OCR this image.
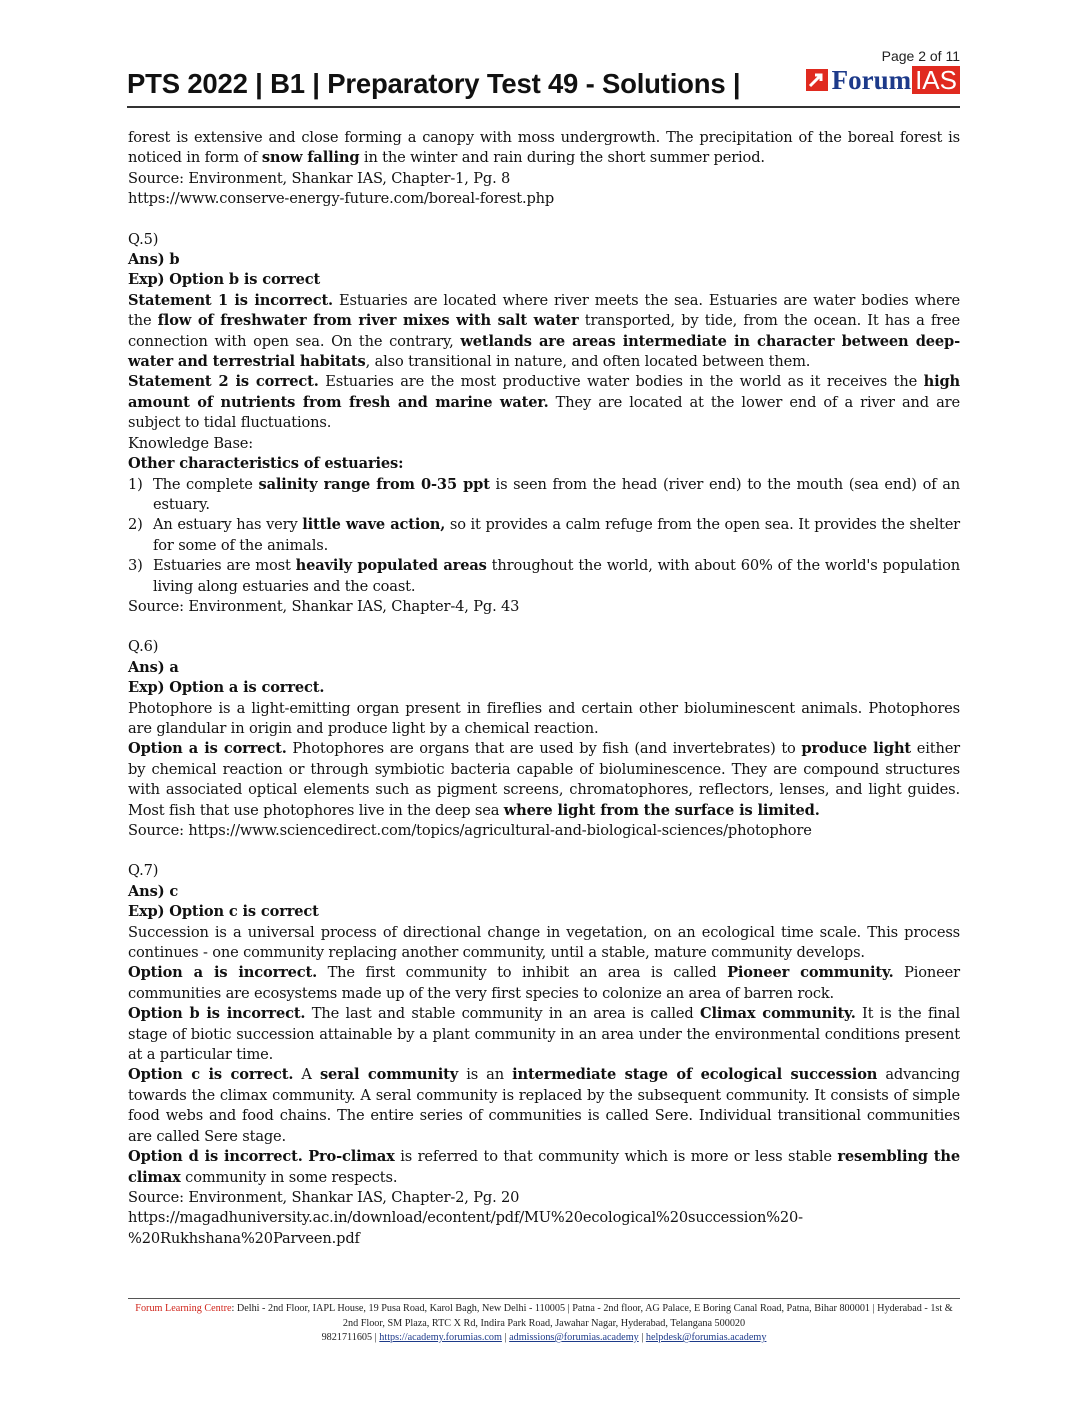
Page 2 of 11
PTS 2022 | B1 | Preparatory Test 49 - Solutions |	Forum IAS

forest is extensive and close forming a canopy with moss undergrowth. The precipitation of the boreal forest is noticed in form of snow falling in the winter and rain during the short summer period.

Source: Environment, Shankar IAS, Chapter-1, Pg. 8

https://www.conserve-energy-future.com/boreal-forest.php

Q.5)

Ans) b

Exp) Option b is correct

Statement 1 is incorrect. Estuaries are located where river meets the sea. Estuaries are water bodies where the flow of freshwater from river mixes with salt water transported, by tide, from the ocean. It has a free connection with open sea. On the contrary, wetlands are areas intermediate in character between deep-water and terrestrial habitats, also transitional in nature, and often located between them.

Statement 2 is correct. Estuaries are the most productive water bodies in the world as it receives the high amount of nutrients from fresh and marine water. They are located at the lower end of a river and are subject to tidal fluctuations.

Knowledge Base:

Other characteristics of estuaries:

1) The complete salinity range from 0-35 ppt is seen from the head (river end) to the mouth (sea end) of an estuary.
2) An estuary has very little wave action, so it provides a calm refuge from the open sea. It provides the shelter for some of the animals.
3) Estuaries are most heavily populated areas throughout the world, with about 60% of the world's population living along estuaries and the coast.

Source: Environment, Shankar IAS, Chapter-4, Pg. 43

Q.6)

Ans) a

Exp) Option a is correct.

Photophore is a light-emitting organ present in fireflies and certain other bioluminescent animals. Photophores are glandular in origin and produce light by a chemical reaction.

Option a is correct. Photophores are organs that are used by fish (and invertebrates) to produce light either by chemical reaction or through symbiotic bacteria capable of bioluminescence. They are compound structures with associated optical elements such as pigment screens, chromatophores, reflectors, lenses, and light guides. Most fish that use photophores live in the deep sea where light from the surface is limited.

Source: https://www.sciencedirect.com/topics/agricultural-and-biological-sciences/photophore

Q.7)

Ans) c

Exp) Option c is correct

Succession is a universal process of directional change in vegetation, on an ecological time scale. This process continues - one community replacing another community, until a stable, mature community develops.

Option a is incorrect. The first community to inhibit an area is called Pioneer community. Pioneer communities are ecosystems made up of the very first species to colonize an area of barren rock.

Option b is incorrect. The last and stable community in an area is called Climax community. It is the final stage of biotic succession attainable by a plant community in an area under the environmental conditions present at a particular time.

Option c is correct. A seral community is an intermediate stage of ecological succession advancing towards the climax community. A seral community is replaced by the subsequent community. It consists of simple food webs and food chains. The entire series of communities is called Sere. Individual transitional communities are called Sere stage.

Option d is incorrect. Pro-climax is referred to that community which is more or less stable resembling the climax community in some respects.

Source: Environment, Shankar IAS, Chapter-2, Pg. 20

https://magadhuniversity.ac.in/download/econtent/pdf/MU%20ecological%20succession%20-%20Rukhshana%20Parveen.pdf

Forum Learning Centre: Delhi - 2nd Floor, IAPL House, 19 Pusa Road, Karol Bagh, New Delhi - 110005 | Patna - 2nd floor, AG Palace, E Boring Canal Road, Patna, Bihar 800001 | Hyderabad - 1st & 2nd Floor, SM Plaza, RTC X Rd, Indira Park Road, Jawahar Nagar, Hyderabad, Telangana 500020
9821711605 | https://academy.forumias.com | admissions@forumias.academy | helpdesk@forumias.academy
